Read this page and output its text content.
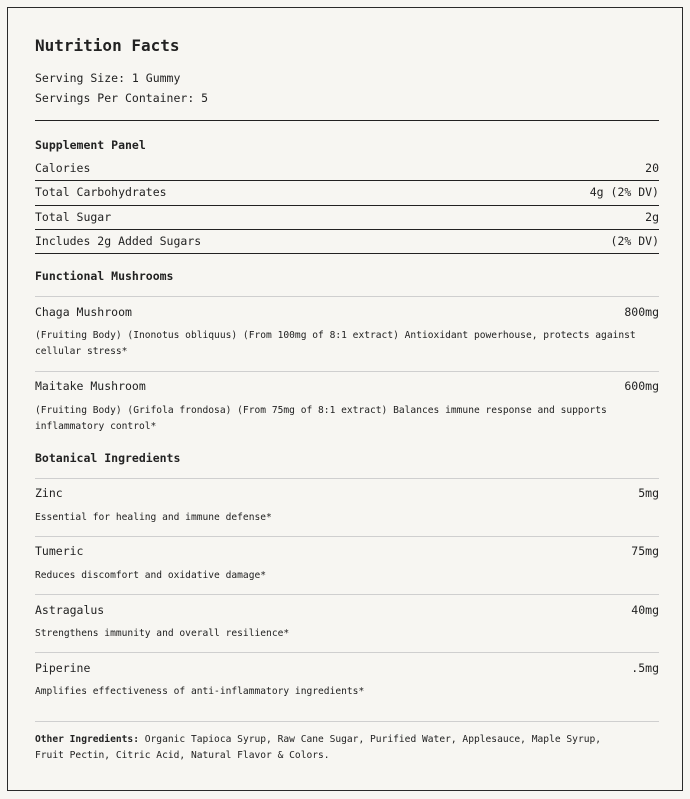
Nutrition Facts
Serving Size: 1 Gummy
Servings Per Container: 5
Supplement Panel
Calories	20
Total Carbohydrates	4g (2% DV)
Total Sugar	2g
Includes 2g Added Sugars	(2% DV)
Functional Mushrooms
Chaga Mushroom	800mg
(Fruiting Body) (Inonotus obliquus) (From 100mg of 8:1 extract) Antioxidant powerhouse, protects against cellular stress*
Maitake Mushroom	600mg
(Fruiting Body) (Grifola frondosa) (From 75mg of 8:1 extract) Balances immune response and supports inflammatory control*
Botanical Ingredients
Zinc	5mg
Essential for healing and immune defense*
Tumeric	75mg
Reduces discomfort and oxidative damage*
Astragalus	40mg
Strengthens immunity and overall resilience*
Piperine	.5mg
Amplifies effectiveness of anti-inflammatory ingredients*
Other Ingredients: Organic Tapioca Syrup, Raw Cane Sugar, Purified Water, Applesauce, Maple Syrup, Fruit Pectin, Citric Acid, Natural Flavor & Colors.
